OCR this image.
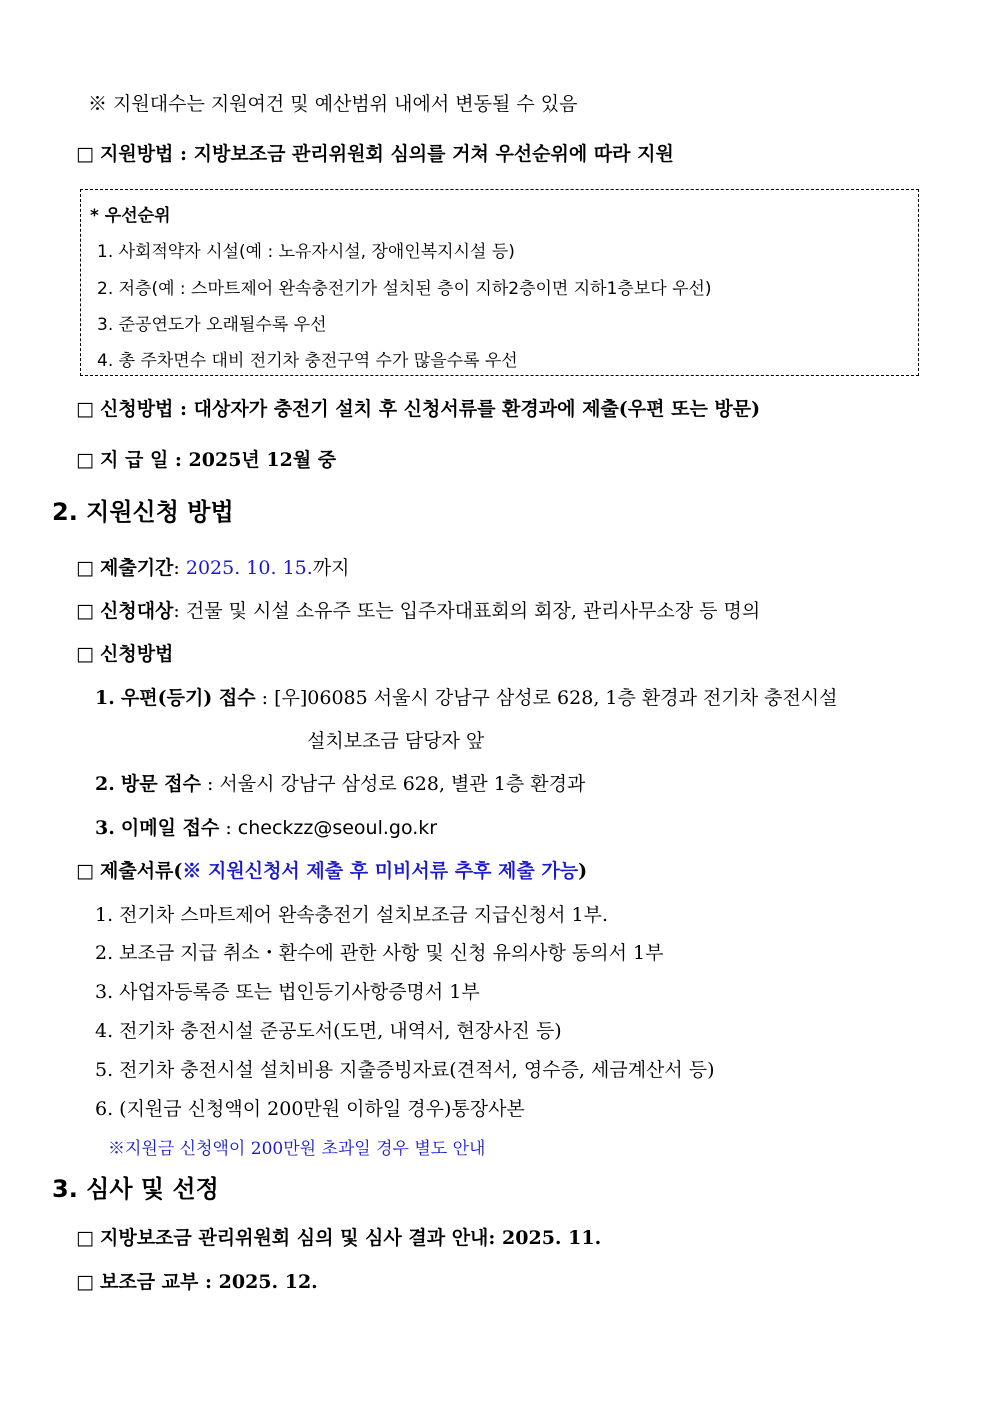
※ 지원대수는 지원여건 및 예산범위 내에서 변동될 수 있음
□ 지원방법 : 지방보조금 관리위원회 심의를 거쳐 우선순위에 따라 지원
* 우선순위
1. 사회적약자 시설(예 : 노유자시설, 장애인복지시설 등)
2. 저층(예 : 스마트제어 완속충전기가 설치된 층이 지하2층이면 지하1층보다 우선)
3. 준공연도가 오래될수록 우선
4. 총 주차면수 대비 전기차 충전구역 수가 많을수록 우선
□ 신청방법 : 대상자가 충전기 설치 후 신청서류를 환경과에 제출(우편 또는 방문)
□ 지 급 일 : 2025년 12월 중
2. 지원신청 방법
□ 제출기간: 2025. 10. 15.까지
□ 신청대상: 건물 및 시설 소유주 또는 입주자대표회의 회장, 관리사무소장 등 명의
□ 신청방법
1. 우편(등기) 접수 : [우]06085 서울시 강남구 삼성로 628, 1층 환경과 전기차 충전시설
설치보조금 담당자 앞
2. 방문 접수 : 서울시 강남구 삼성로 628, 별관 1층 환경과
3. 이메일 접수 : checkzz@seoul.go.kr
□ 제출서류(※ 지원신청서 제출 후 미비서류 추후 제출 가능)
1. 전기차 스마트제어 완속충전기 설치보조금 지급신청서 1부.
2. 보조금 지급 취소・환수에 관한 사항 및 신청 유의사항 동의서 1부
3. 사업자등록증 또는 법인등기사항증명서 1부
4. 전기차 충전시설 준공도서(도면, 내역서, 현장사진 등)
5. 전기차 충전시설 설치비용 지출증빙자료(견적서, 영수증, 세금계산서 등)
6. (지원금 신청액이 200만원 이하일 경우)통장사본
※지원금 신청액이 200만원 초과일 경우 별도 안내
3. 심사 및 선정
□ 지방보조금 관리위원회 심의 및 심사 결과 안내: 2025. 11.
□ 보조금 교부 : 2025. 12.
